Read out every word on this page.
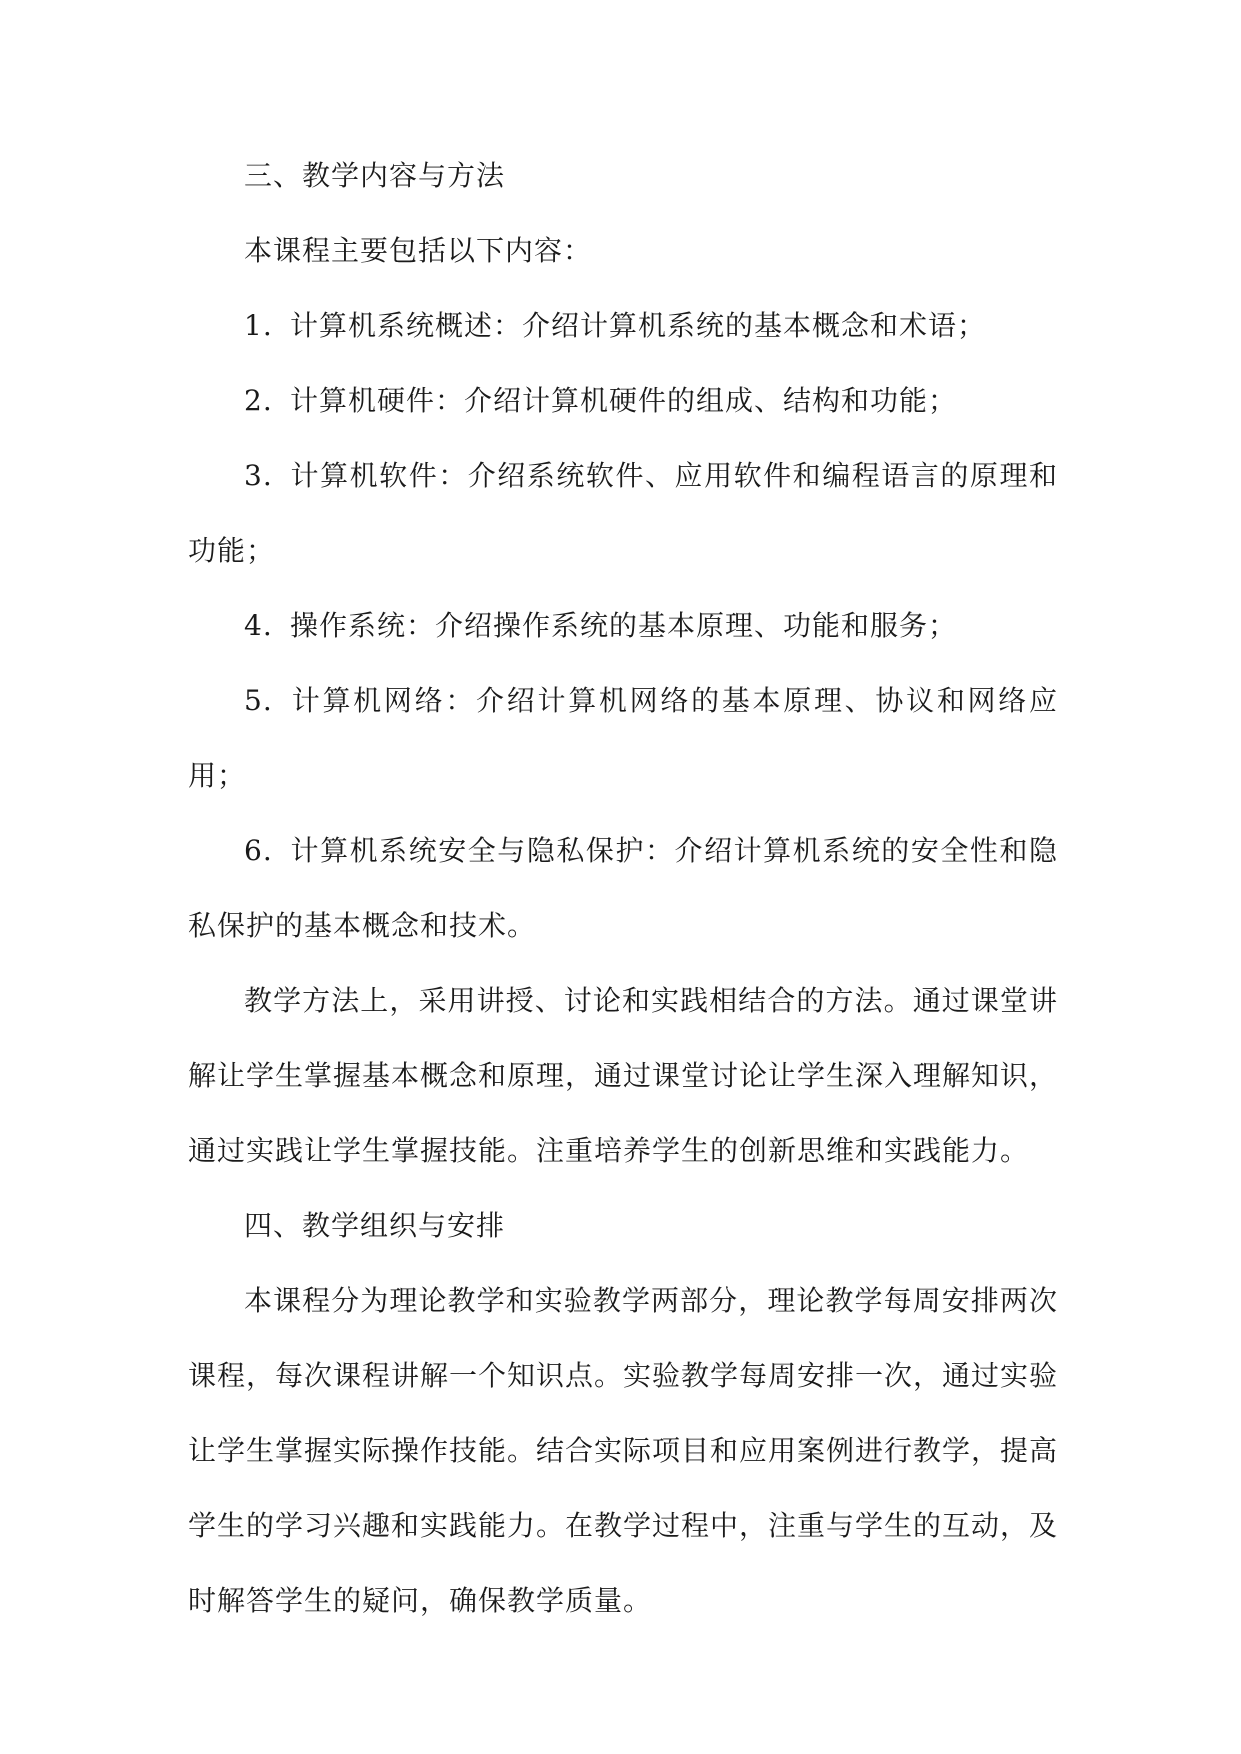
三、教学内容与方法

本课程主要包括以下内容：

1. 计算机系统概述：介绍计算机系统的基本概念和术语；

2. 计算机硬件：介绍计算机硬件的组成、结构和功能；

3. 计算机软件：介绍系统软件、应用软件和编程语言的原理和功能；

4. 操作系统：介绍操作系统的基本原理、功能和服务；

5. 计算机网络：介绍计算机网络的基本原理、协议和网络应用；

6. 计算机系统安全与隐私保护：介绍计算机系统的安全性和隐私保护的基本概念和技术。

教学方法上，采用讲授、讨论和实践相结合的方法。通过课堂讲解让学生掌握基本概念和原理，通过课堂讨论让学生深入理解知识，通过实践让学生掌握技能。注重培养学生的创新思维和实践能力。

四、教学组织与安排

本课程分为理论教学和实验教学两部分，理论教学每周安排两次课程，每次课程讲解一个知识点。实验教学每周安排一次，通过实验让学生掌握实际操作技能。结合实际项目和应用案例进行教学，提高学生的学习兴趣和实践能力。在教学过程中，注重与学生的互动，及时解答学生的疑问，确保教学质量。
